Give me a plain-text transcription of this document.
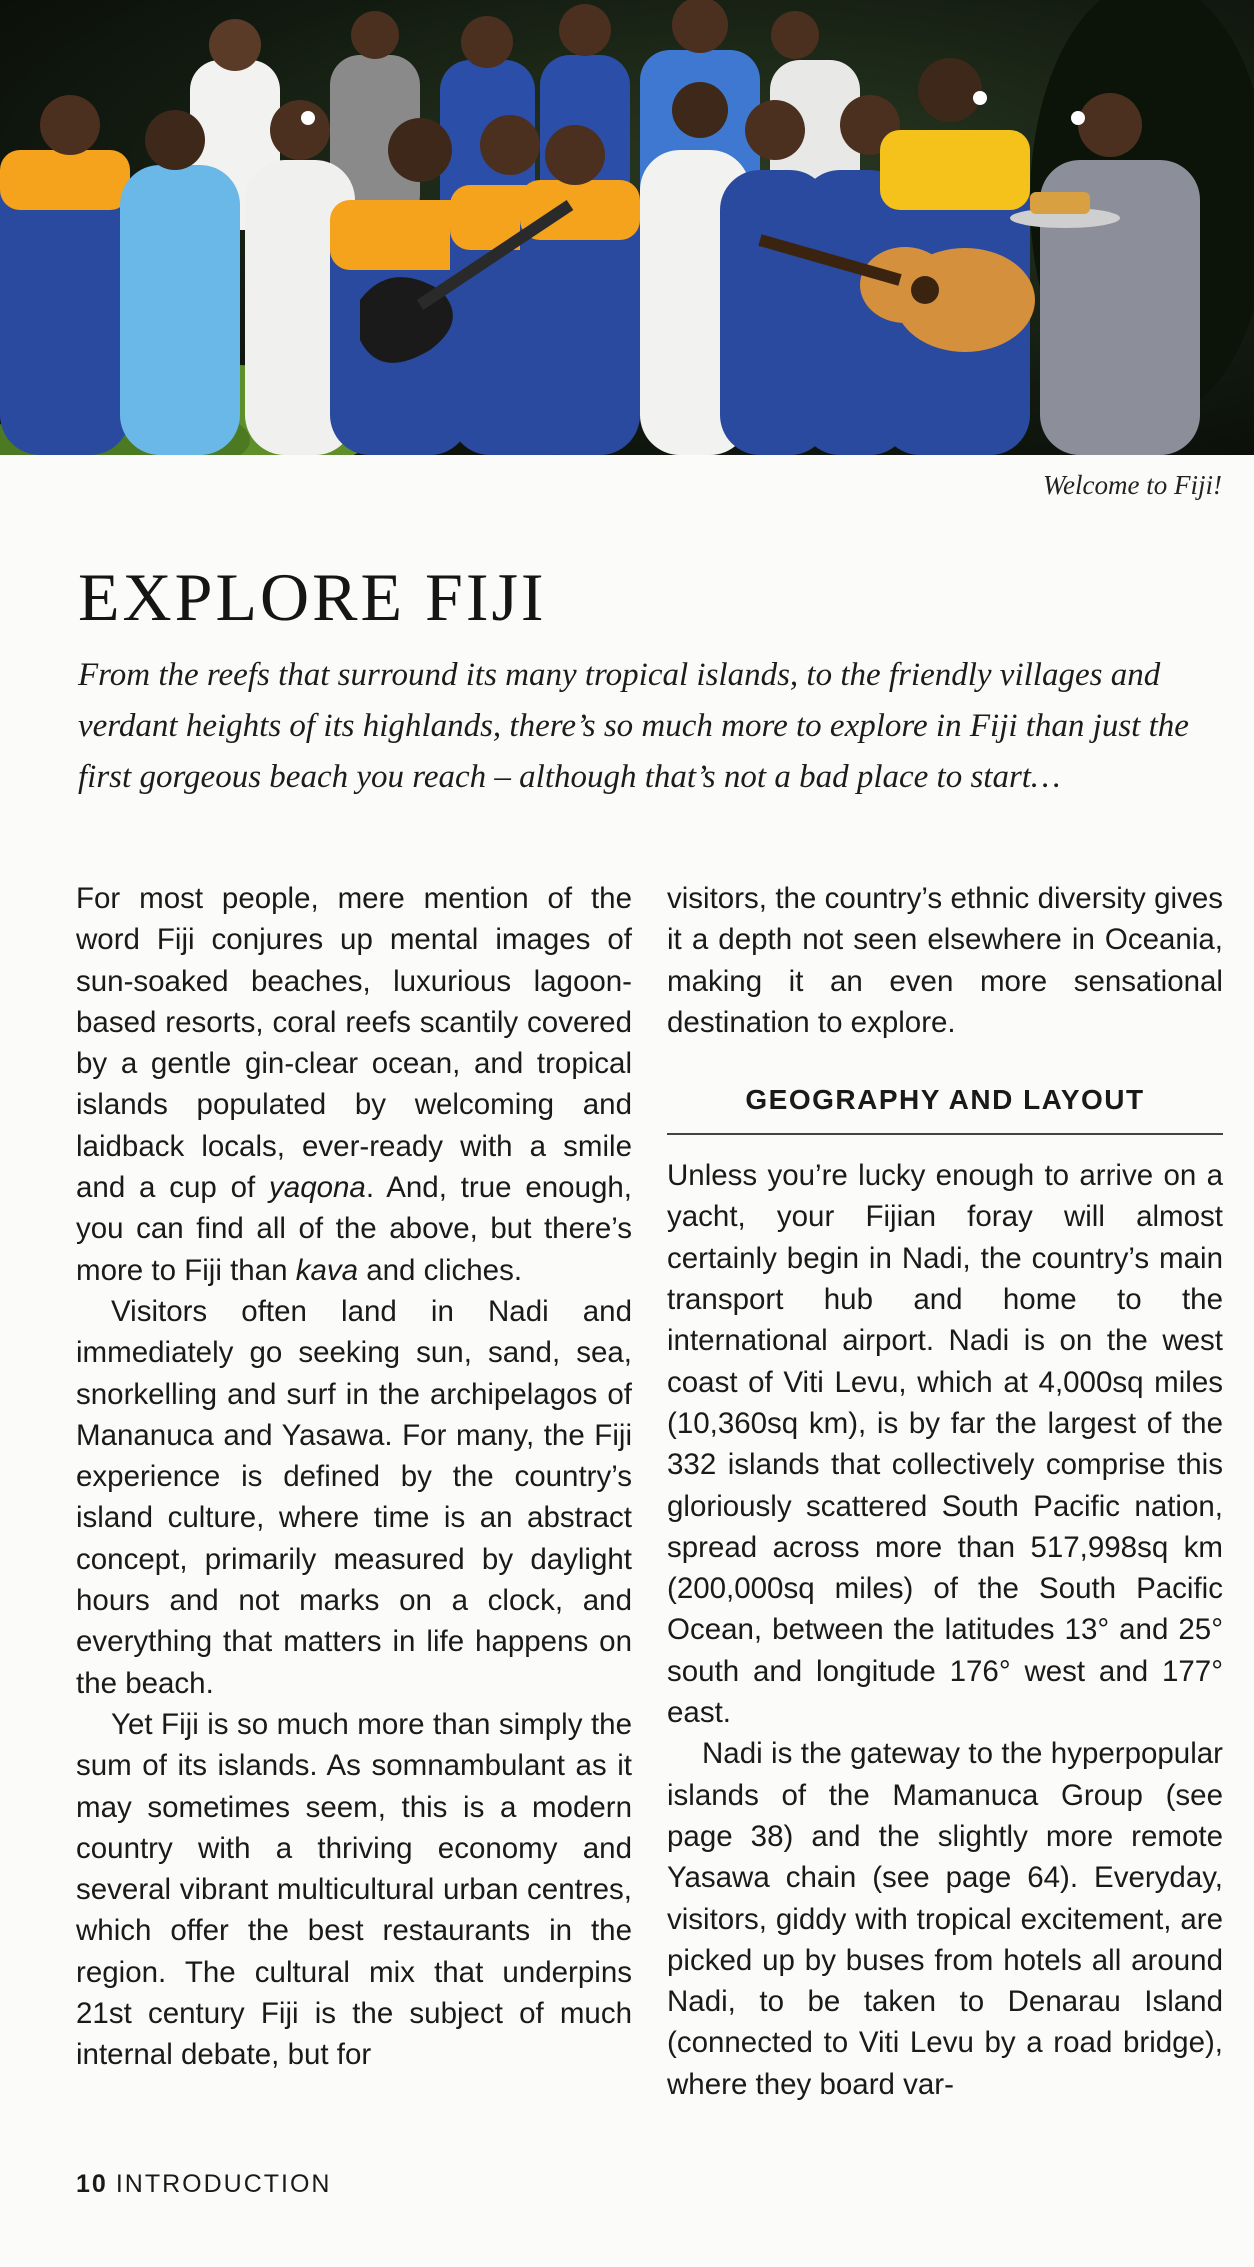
Welcome to Fiji!

EXPLORE FIJI

From the reefs that surround its many tropical islands, to the friendly villages and verdant heights of its highlands, there’s so much more to explore in Fiji than just the first gorgeous beach you reach – although that’s not a bad place to start…

For most people, mere mention of the word Fiji conjures up mental images of sun-soaked beaches, luxurious lagoon-based resorts, coral reefs scantily covered by a gentle gin-clear ocean, and tropical islands populated by welcoming and laidback locals, ever-ready with a smile and a cup of yaqona. And, true enough, you can find all of the above, but there’s more to Fiji than kava and cliches.

Visitors often land in Nadi and immediately go seeking sun, sand, sea, snorkelling and surf in the archipelagos of Mananuca and Yasawa. For many, the Fiji experience is defined by the country’s island culture, where time is an abstract concept, primarily measured by daylight hours and not marks on a clock, and everything that matters in life happens on the beach.

Yet Fiji is so much more than simply the sum of its islands. As somnambulant as it may sometimes seem, this is a modern country with a thriving economy and several vibrant multicultural urban centres, which offer the best restaurants in the region. The cultural mix that underpins 21st century Fiji is the subject of much internal debate, but for

visitors, the country’s ethnic diversity gives it a depth not seen elsewhere in Oceania, making it an even more sensational destination to explore.

GEOGRAPHY AND LAYOUT

Unless you’re lucky enough to arrive on a yacht, your Fijian foray will almost certainly begin in Nadi, the country’s main transport hub and home to the international airport. Nadi is on the west coast of Viti Levu, which at 4,000sq miles (10,360sq km), is by far the largest of the 332 islands that collectively comprise this gloriously scattered South Pacific nation, spread across more than 517,998sq km (200,000sq miles) of the South Pacific Ocean, between the latitudes 13° and 25° south and longitude 176° west and 177° east.

Nadi is the gateway to the hyperpopular islands of the Mamanuca Group (see page 38) and the slightly more remote Yasawa chain (see page 64). Everyday, visitors, giddy with tropical excitement, are picked up by buses from hotels all around Nadi, to be taken to Denarau Island (connected to Viti Levu by a road bridge), where they board var-

10 INTRODUCTION
